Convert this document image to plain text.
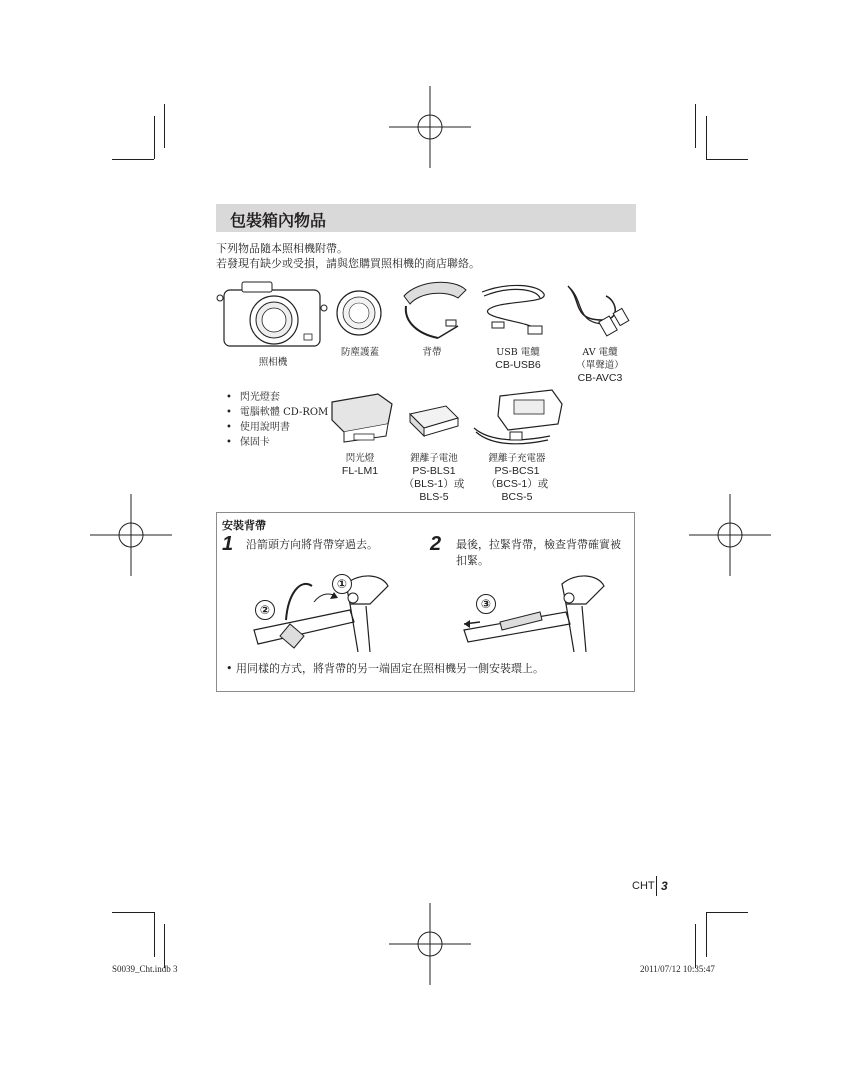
包裝箱內物品
下列物品隨本照相機附帶。
若發現有缺少或受損，請與您購買照相機的商店聯絡。
照相機
防塵護蓋	背帶	USB 電纜
CB-USB6
AV 電纜
（單聲道）
CB-AVC3
• 閃光燈套
• 電腦軟體 CD-ROM
• 使用說明書
• 保固卡
閃光燈
FL-LM1
鋰離子電池
PS-BLS1
（BLS-1）或
BLS-5
鋰離子充電器
PS-BCS1
（BCS-1）或
BCS-5
安裝背帶
1 沿箭頭方向將背帶穿過去。	2 最後，拉緊背帶，檢查背帶確實被
扣緊。
①
②	③
• 用同樣的方式，將背帶的另一端固定在照相機另一側安裝環上。
CHT 3
S0039_Cht.indb 3	2011/07/12 10:35:47
